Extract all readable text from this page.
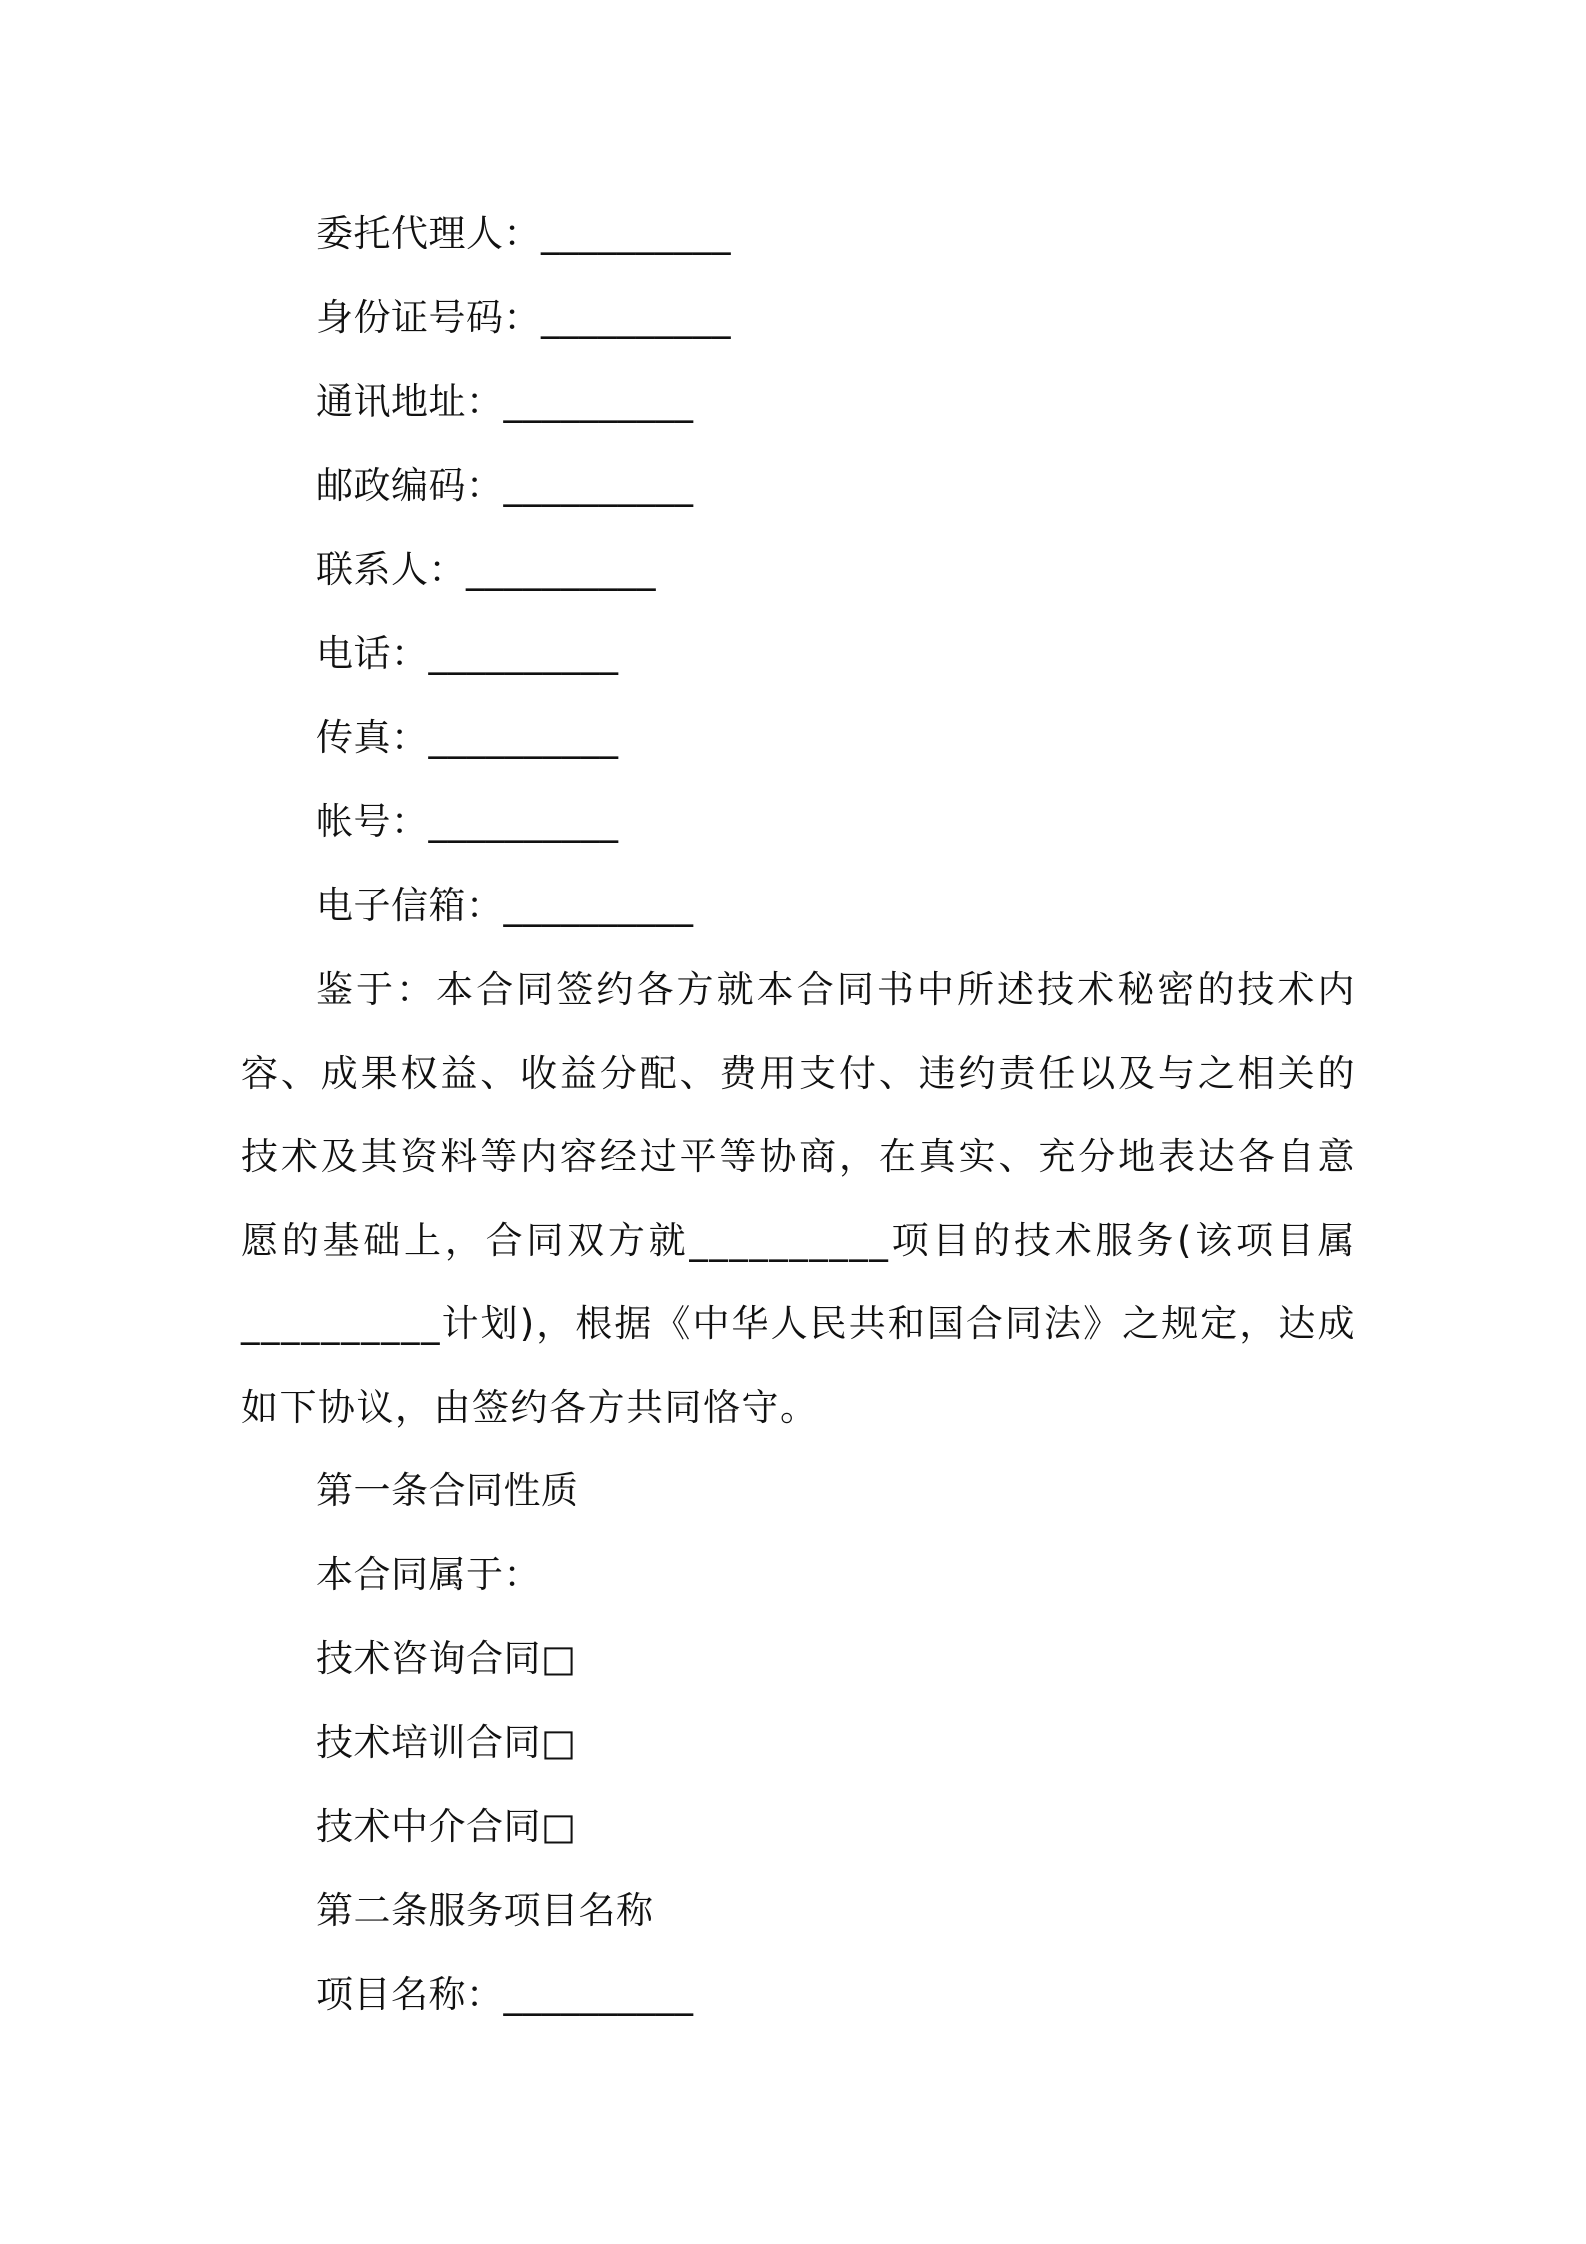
委托代理人：__________
身份证号码：__________
通讯地址：__________
邮政编码：__________
联系人：__________
电话：__________
传真：__________
帐号：__________
电子信箱：__________

鉴于：本合同签约各方就本合同书中所述技术秘密的技术内容、成果权益、收益分配、费用支付、违约责任以及与之相关的技术及其资料等内容经过平等协商，在真实、充分地表达各自意愿的基础上，合同双方就__________项目的技术服务(该项目属__________计划)，根据《中华人民共和国合同法》之规定，达成如下协议，由签约各方共同恪守。

第一条合同性质
本合同属于：
技术咨询合同□
技术培训合同□
技术中介合同□
第二条服务项目名称
项目名称：__________
